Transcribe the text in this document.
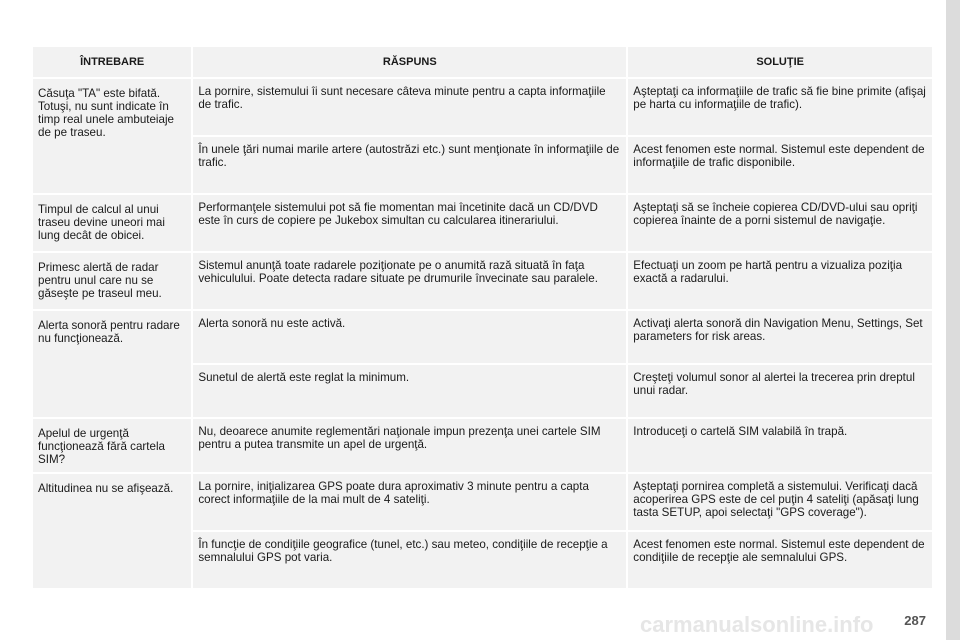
ÎNTREBARE	RĂSPUNS	SOLUŢIE
Căsuţa "TA" este bifată. Totuşi, nu sunt indicate în timp real unele ambuteiaje de pe traseu.	La pornire, sistemului îi sunt necesare câteva minute pentru a capta informaţiile de trafic.	Aşteptaţi ca informaţiile de trafic să fie bine primite (afişaj pe harta cu informaţiile de trafic).
	În unele ţări numai marile artere (autostrăzi etc.) sunt menţionate în informaţiile de trafic.	Acest fenomen este normal. Sistemul este dependent de informaţiile de trafic disponibile.
Timpul de calcul al unui traseu devine uneori mai lung decât de obicei.	Performanţele sistemului pot să fie momentan mai încetinite dacă un CD/DVD este în curs de copiere pe Jukebox simultan cu calcularea itinerariului.	Aşteptaţi să se încheie copierea CD/DVD-ului sau opriţi copierea înainte de a porni sistemul de navigaţie.
Primesc alertă de radar pentru unul care nu se găseşte pe traseul meu.	Sistemul anunţă toate radarele poziţionate pe o anumită rază situată în faţa vehiculului. Poate detecta radare situate pe drumurile învecinate sau paralele.	Efectuaţi un zoom pe hartă pentru a vizualiza poziţia exactă a radarului.
Alerta sonoră pentru radare nu funcţionează.	Alerta sonoră nu este activă.	Activaţi alerta sonoră din Navigation Menu, Settings, Set parameters for risk areas.
	Sunetul de alertă este reglat la minimum.	Creşteţi volumul sonor al alertei la trecerea prin dreptul unui radar.
Apelul de urgenţă funcţionează fără cartela SIM?	Nu, deoarece anumite reglementări naţionale impun prezenţa unei cartele SIM pentru a putea transmite un apel de urgenţă.	Introduceţi o cartelă SIM valabilă în trapă.
Altitudinea nu se afişează.	La pornire, iniţializarea GPS poate dura aproximativ 3 minute pentru a capta corect informaţiile de la mai mult de 4 sateliţi.	Aşteptaţi pornirea completă a sistemului. Verificaţi dacă acoperirea GPS este de cel puţin 4 sateliţi (apăsaţi lung tasta SETUP, apoi selectaţi "GPS coverage").
	În funcţie de condiţiile geografice (tunel, etc.) sau meteo, condiţiile de recepţie a semnalului GPS pot varia.	Acest fenomen este normal. Sistemul este dependent de condiţiile de recepţie ale semnalului GPS.
carmanualsonline.info 287
